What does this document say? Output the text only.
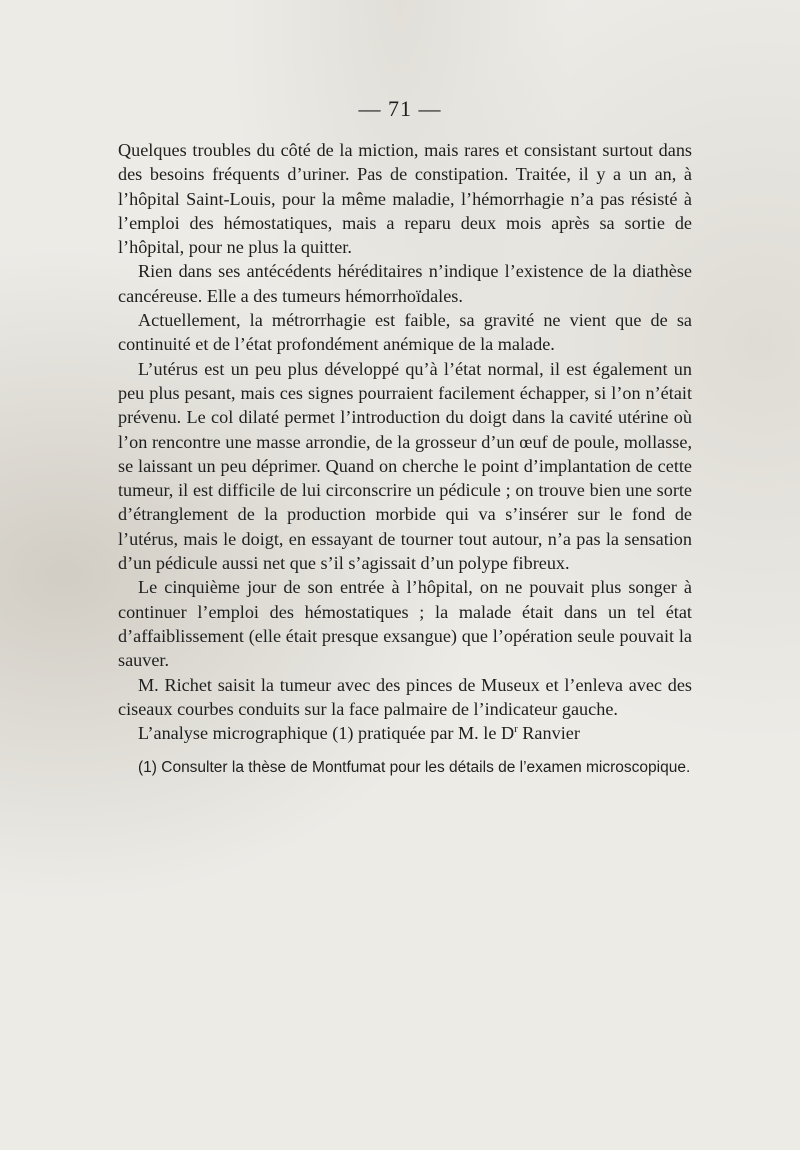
— 71 —

Quelques troubles du côté de la miction, mais rares et consistant surtout dans des besoins fréquents d’uriner. Pas de constipation. Traitée, il y a un an, à l’hôpital Saint-Louis, pour la même maladie, l’hémorrhagie n’a pas résisté à l’emploi des hémostatiques, mais a reparu deux mois après sa sortie de l’hôpital, pour ne plus la quitter.

Rien dans ses antécédents héréditaires n’indique l’existence de la diathèse cancéreuse. Elle a des tumeurs hémorrhoïdales.

Actuellement, la métrorrhagie est faible, sa gravité ne vient que de sa continuité et de l’état profondément anémique de la malade.

L’utérus est un peu plus développé qu’à l’état normal, il est également un peu plus pesant, mais ces signes pourraient facilement échapper, si l’on n’était prévenu. Le col dilaté permet l’introduction du doigt dans la cavité utérine où l’on rencontre une masse arrondie, de la grosseur d’un œuf de poule, mollasse, se laissant un peu déprimer. Quand on cherche le point d’implantation de cette tumeur, il est difficile de lui circonscrire un pédicule ; on trouve bien une sorte d’étranglement de la production morbide qui va s’insérer sur le fond de l’utérus, mais le doigt, en essayant de tourner tout autour, n’a pas la sensation d’un pédicule aussi net que s’il s’agissait d’un polype fibreux.

Le cinquième jour de son entrée à l’hôpital, on ne pouvait plus songer à continuer l’emploi des hémostatiques ; la malade était dans un tel état d’affaiblissement (elle était presque exsangue) que l’opération seule pouvait la sauver.

M. Richet saisit la tumeur avec des pinces de Museux et l’enleva avec des ciseaux courbes conduits sur la face palmaire de l’indicateur gauche.

L’analyse micrographique (1) pratiquée par M. le $D^r$ Ranvier

(1) Consulter la thèse de Montfumat pour les détails de l’examen microscopique.
